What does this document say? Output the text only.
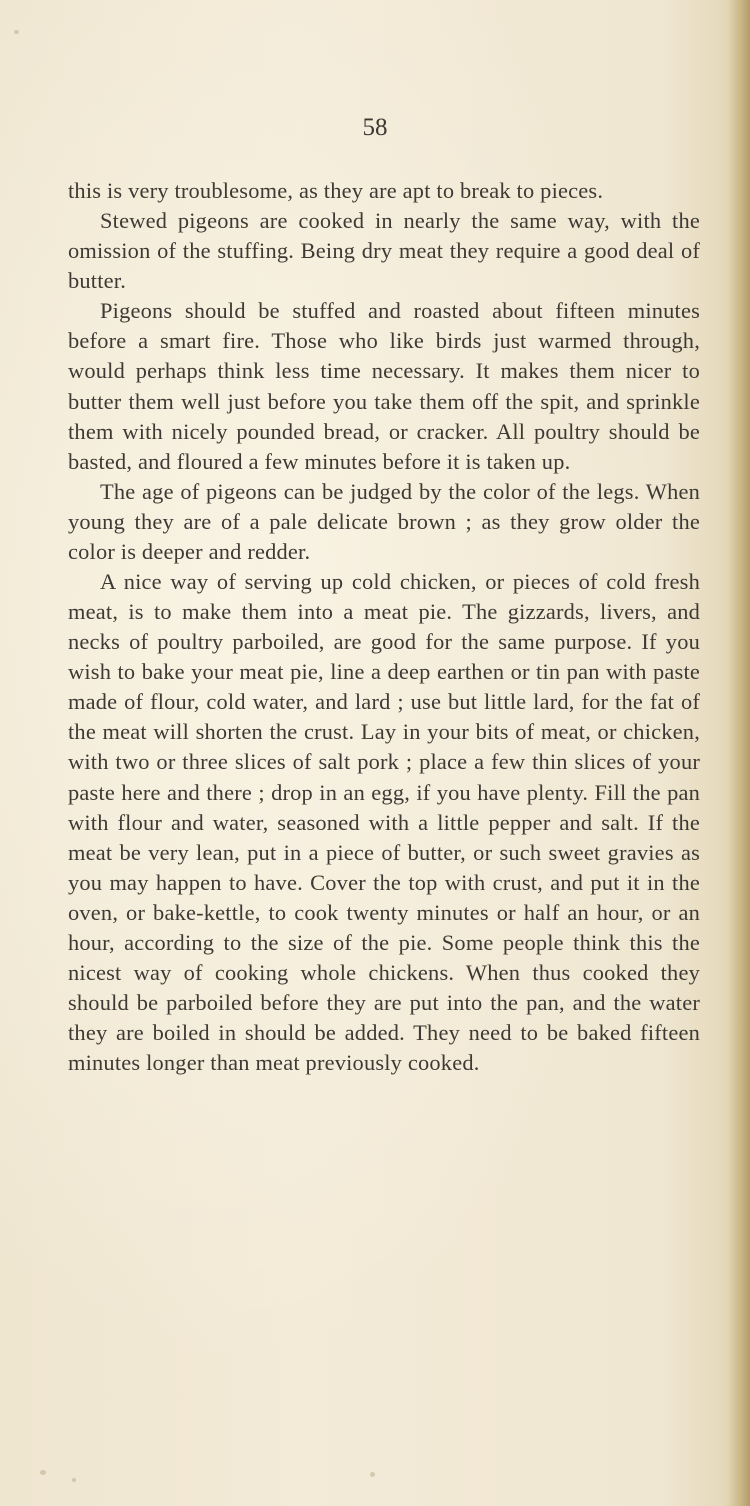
58

this is very troublesome, as they are apt to break to pieces.

Stewed pigeons are cooked in nearly the same way, with the omission of the stuffing. Being dry meat they require a good deal of butter.

Pigeons should be stuffed and roasted about fifteen minutes before a smart fire. Those who like birds just warmed through, would perhaps think less time necessary. It makes them nicer to butter them well just before you take them off the spit, and sprinkle them with nicely pounded bread, or cracker. All poultry should be basted, and floured a few minutes before it is taken up.

The age of pigeons can be judged by the color of the legs. When young they are of a pale delicate brown ; as they grow older the color is deeper and redder.

A nice way of serving up cold chicken, or pieces of cold fresh meat, is to make them into a meat pie. The gizzards, livers, and necks of poultry parboiled, are good for the same purpose. If you wish to bake your meat pie, line a deep earthen or tin pan with paste made of flour, cold water, and lard ; use but little lard, for the fat of the meat will shorten the crust. Lay in your bits of meat, or chicken, with two or three slices of salt pork ; place a few thin slices of your paste here and there ; drop in an egg, if you have plenty. Fill the pan with flour and water, seasoned with a little pepper and salt. If the meat be very lean, put in a piece of butter, or such sweet gravies as you may happen to have. Cover the top with crust, and put it in the oven, or bake-kettle, to cook twenty minutes or half an hour, or an hour, according to the size of the pie. Some people think this the nicest way of cooking whole chickens. When thus cooked they should be parboiled before they are put into the pan, and the water they are boiled in should be added. They need to be baked fifteen minutes longer than meat previously cooked.
